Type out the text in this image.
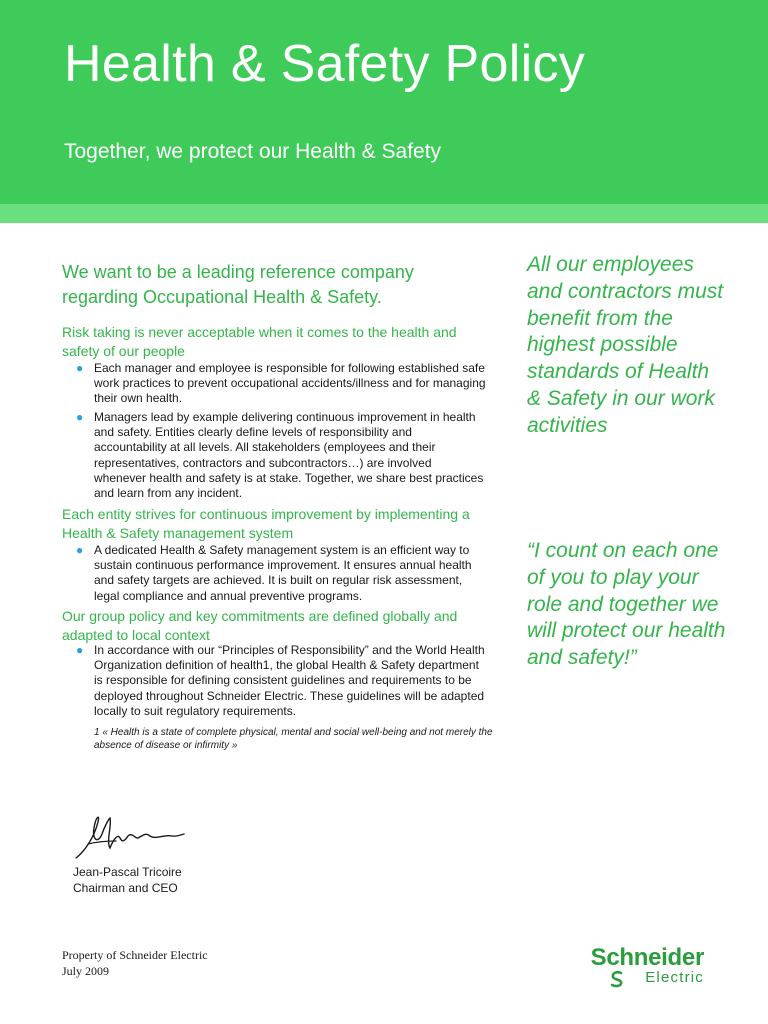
Health & Safety Policy

Together, we protect our Health & Safety

We want to be a leading reference company regarding Occupational Health & Safety.

Risk taking is never acceptable when it comes to the health and safety of our people

● Each manager and employee is responsible for following established safe work practices to prevent occupational accidents/illness and for managing their own health.

● Managers lead by example delivering continuous improvement in health and safety. Entities clearly define levels of responsibility and accountability at all levels. All stakeholders (employees and their representatives, contractors and subcontractors…) are involved whenever health and safety is at stake. Together, we share best practices and learn from any incident.

Each entity strives for continuous improvement by implementing a Health & Safety management system

● A dedicated Health & Safety management system is an efficient way to sustain continuous performance improvement. It ensures annual health and safety targets are achieved. It is built on regular risk assessment, legal compliance and annual preventive programs.

Our group policy and key commitments are defined globally and adapted to local context

● In accordance with our “Principles of Responsibility” and the World Health Organization definition of health1, the global Health & Safety department is responsible for defining consistent guidelines and requirements to be deployed throughout Schneider Electric. These guidelines will be adapted locally to suit regulatory requirements.

1 « Health is a state of complete physical, mental and social well-being and not merely the absence of disease or infirmity »

All our employees and contractors must benefit from the highest possible standards of Health & Safety in our work activities

“I count on each one of you to play your role and together we will protect our health and safety!”

Jean-Pascal Tricoire
Chairman and CEO

Property of Schneider Electric
July 2009	Schneider

Electric
